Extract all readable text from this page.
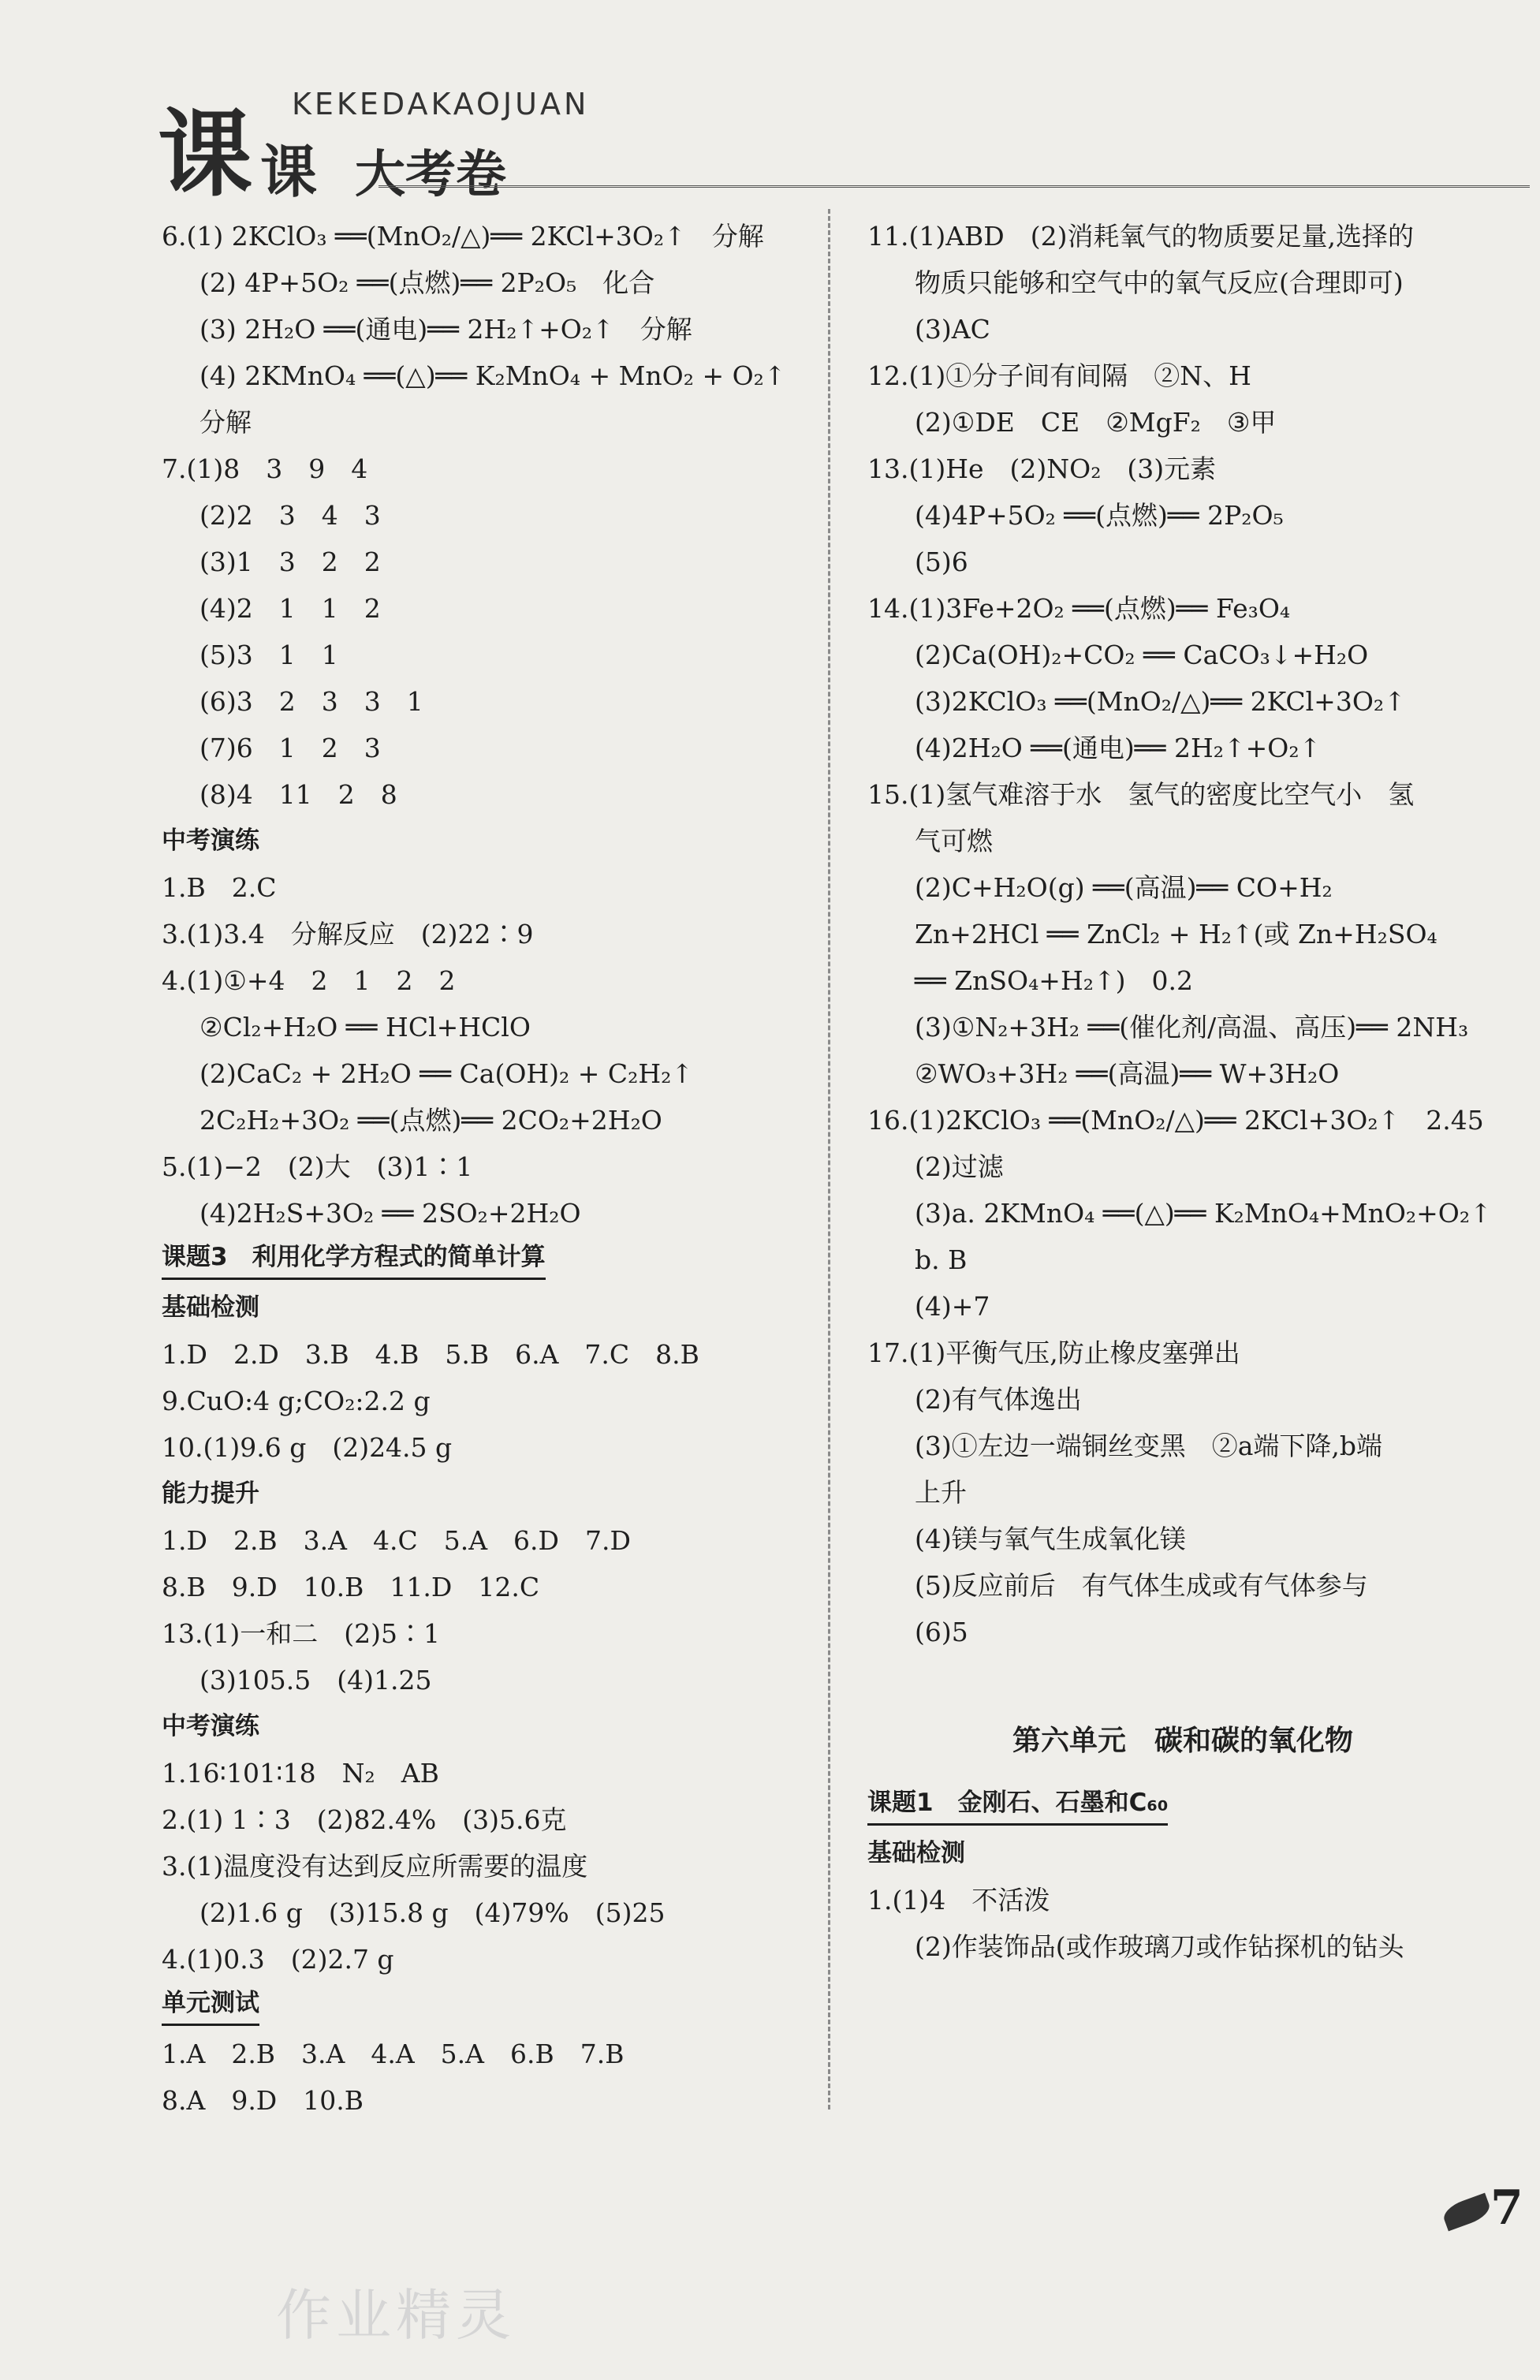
课 KEKEDAKAOJUAN
课 大考卷
6.(1) 2KClO₃ ══(MnO₂/△)══ 2KCl+3O₂↑　分解
(2) 4P+5O₂ ══(点燃)══ 2P₂O₅　化合
(3) 2H₂O ══(通电)══ 2H₂↑+O₂↑　分解
(4) 2KMnO₄ ══(△)══ K₂MnO₄ + MnO₂ + O₂↑
分解
7.(1)8　3　9　4
(2)2　3　4　3
(3)1　3　2　2
(4)2　1　1　2
(5)3　1　1
(6)3　2　3　3　1
(7)6　1　2　3
(8)4　11　2　8
中考演练
1.B　2.C
3.(1)3.4　分解反应　(2)22∶9
4.(1)①+4　2　1　2　2
②Cl₂+H₂O ══ HCl+HClO
(2)CaC₂ + 2H₂O ══ Ca(OH)₂ + C₂H₂↑
2C₂H₂+3O₂ ══(点燃)══ 2CO₂+2H₂O
5.(1)−2　(2)大　(3)1∶1
(4)2H₂S+3O₂ ══ 2SO₂+2H₂O
课题3　利用化学方程式的简单计算
基础检测
1.D　2.D　3.B　4.B　5.B　6.A　7.C　8.B
9.CuO:4 g;CO₂:2.2 g
10.(1)9.6 g　(2)24.5 g
能力提升
1.D　2.B　3.A　4.C　5.A　6.D　7.D
8.B　9.D　10.B　11.D　12.C
13.(1)一和二　(2)5∶1
(3)105.5　(4)1.25
中考演练
1.16∶101∶18　N₂　AB
2.(1) 1∶3　(2)82.4%　(3)5.6克
3.(1)温度没有达到反应所需要的温度
(2)1.6 g　(3)15.8 g　(4)79%　(5)25
4.(1)0.3　(2)2.7 g
单元测试
1.A　2.B　3.A　4.A　5.A　6.B　7.B
8.A　9.D　10.B
11.(1)ABD　(2)消耗氧气的物质要足量,选择的
物质只能够和空气中的氧气反应(合理即可)
(3)AC
12.(1)①分子间有间隔　②N、H
(2)①DE　CE　②MgF₂　③甲
13.(1)He　(2)NO₂　(3)元素
(4)4P+5O₂ ══(点燃)══ 2P₂O₅
(5)6
14.(1)3Fe+2O₂ ══(点燃)══ Fe₃O₄
(2)Ca(OH)₂+CO₂ ══ CaCO₃↓+H₂O
(3)2KClO₃ ══(MnO₂/△)══ 2KCl+3O₂↑
(4)2H₂O ══(通电)══ 2H₂↑+O₂↑
15.(1)氢气难溶于水　氢气的密度比空气小　氢
气可燃
(2)C+H₂O(g) ══(高温)══ CO+H₂
Zn+2HCl ══ ZnCl₂ + H₂↑(或 Zn+H₂SO₄
══ ZnSO₄+H₂↑)　0.2
(3)①N₂+3H₂ ══(催化剂/高温、高压)══ 2NH₃
②WO₃+3H₂ ══(高温)══ W+3H₂O
16.(1)2KClO₃ ══(MnO₂/△)══ 2KCl+3O₂↑　2.45
(2)过滤
(3)a. 2KMnO₄ ══(△)══ K₂MnO₄+MnO₂+O₂↑
b. B
(4)+7
17.(1)平衡气压,防止橡皮塞弹出
(2)有气体逸出
(3)①左边一端铜丝变黑　②a端下降,b端
上升
(4)镁与氧气生成氧化镁
(5)反应前后　有气体生成或有气体参与
(6)5
第六单元　碳和碳的氧化物
课题1　金刚石、石墨和C₆₀
基础检测
1.(1)4　不活泼
(2)作装饰品(或作玻璃刀或作钻探机的钻头
7
作业精灵
